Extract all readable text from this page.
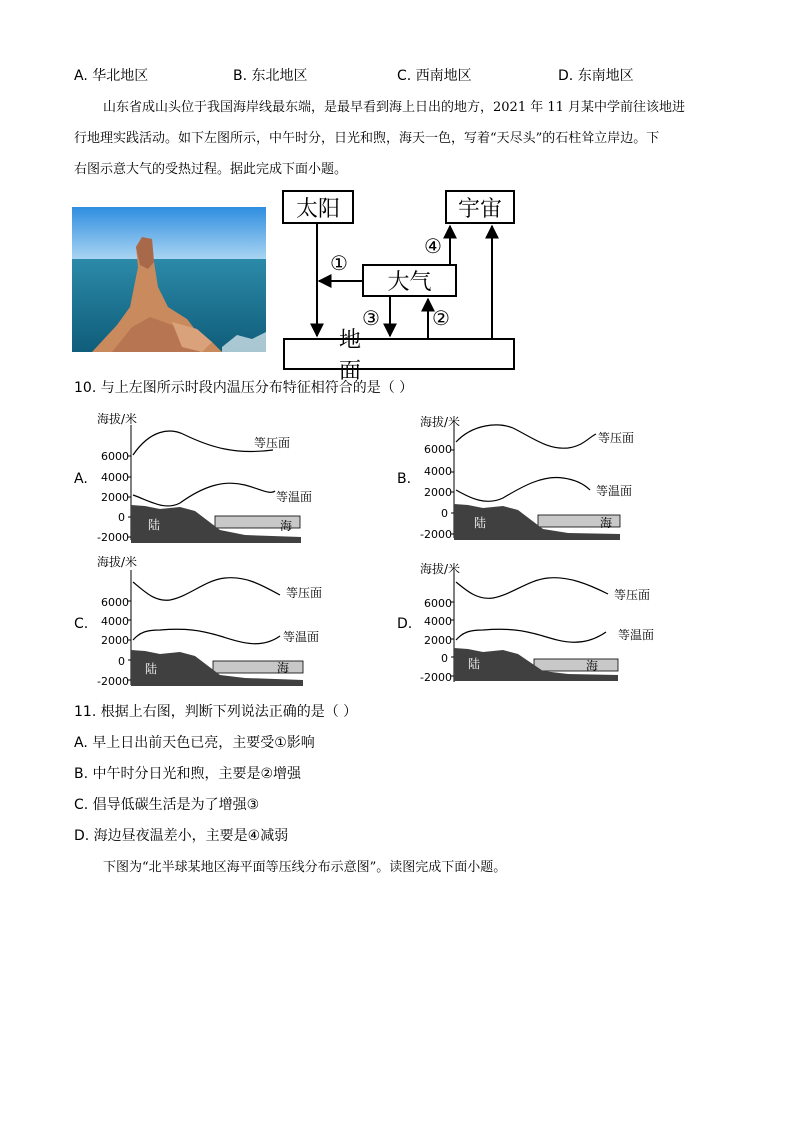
A. 华北地区	B. 东北地区	C. 西南地区	D. 东南地区
山东省成山头位于我国海岸线最东端，是最早看到海上日出的地方，2021 年 11 月某中学前往该地进
行地理实践活动。如下左图所示，中午时分，日光和煦，海天一色，写着“天尽头”的石柱耸立岸边。下
右图示意大气的受热过程。据此完成下面小题。
太阳	宇宙
大气
地 面
①
③	②
④
10. 与上左图所示时段内温压分布特征相符合的是（ ）
A.
海拔/米
6000
4000
2000
0
-2000
等压面
等温面
陆	海
B.
海拔/米
6000
4000
2000
0
-2000
等压面
等温面
陆	海
C.
海拔/米
6000
4000
2000
0
-2000
等压面
等温面
陆	海
D.
海拔/米
6000
4000
2000
0
-2000
等压面
等温面
陆	海
11. 根据上右图，判断下列说法正确的是（ ）
A. 早上日出前天色已亮，主要受①影响
B. 中午时分日光和煦，主要是②增强
C. 倡导低碳生活是为了增强③
D. 海边昼夜温差小，主要是④减弱
下图为“北半球某地区海平面等压线分布示意图”。读图完成下面小题。
